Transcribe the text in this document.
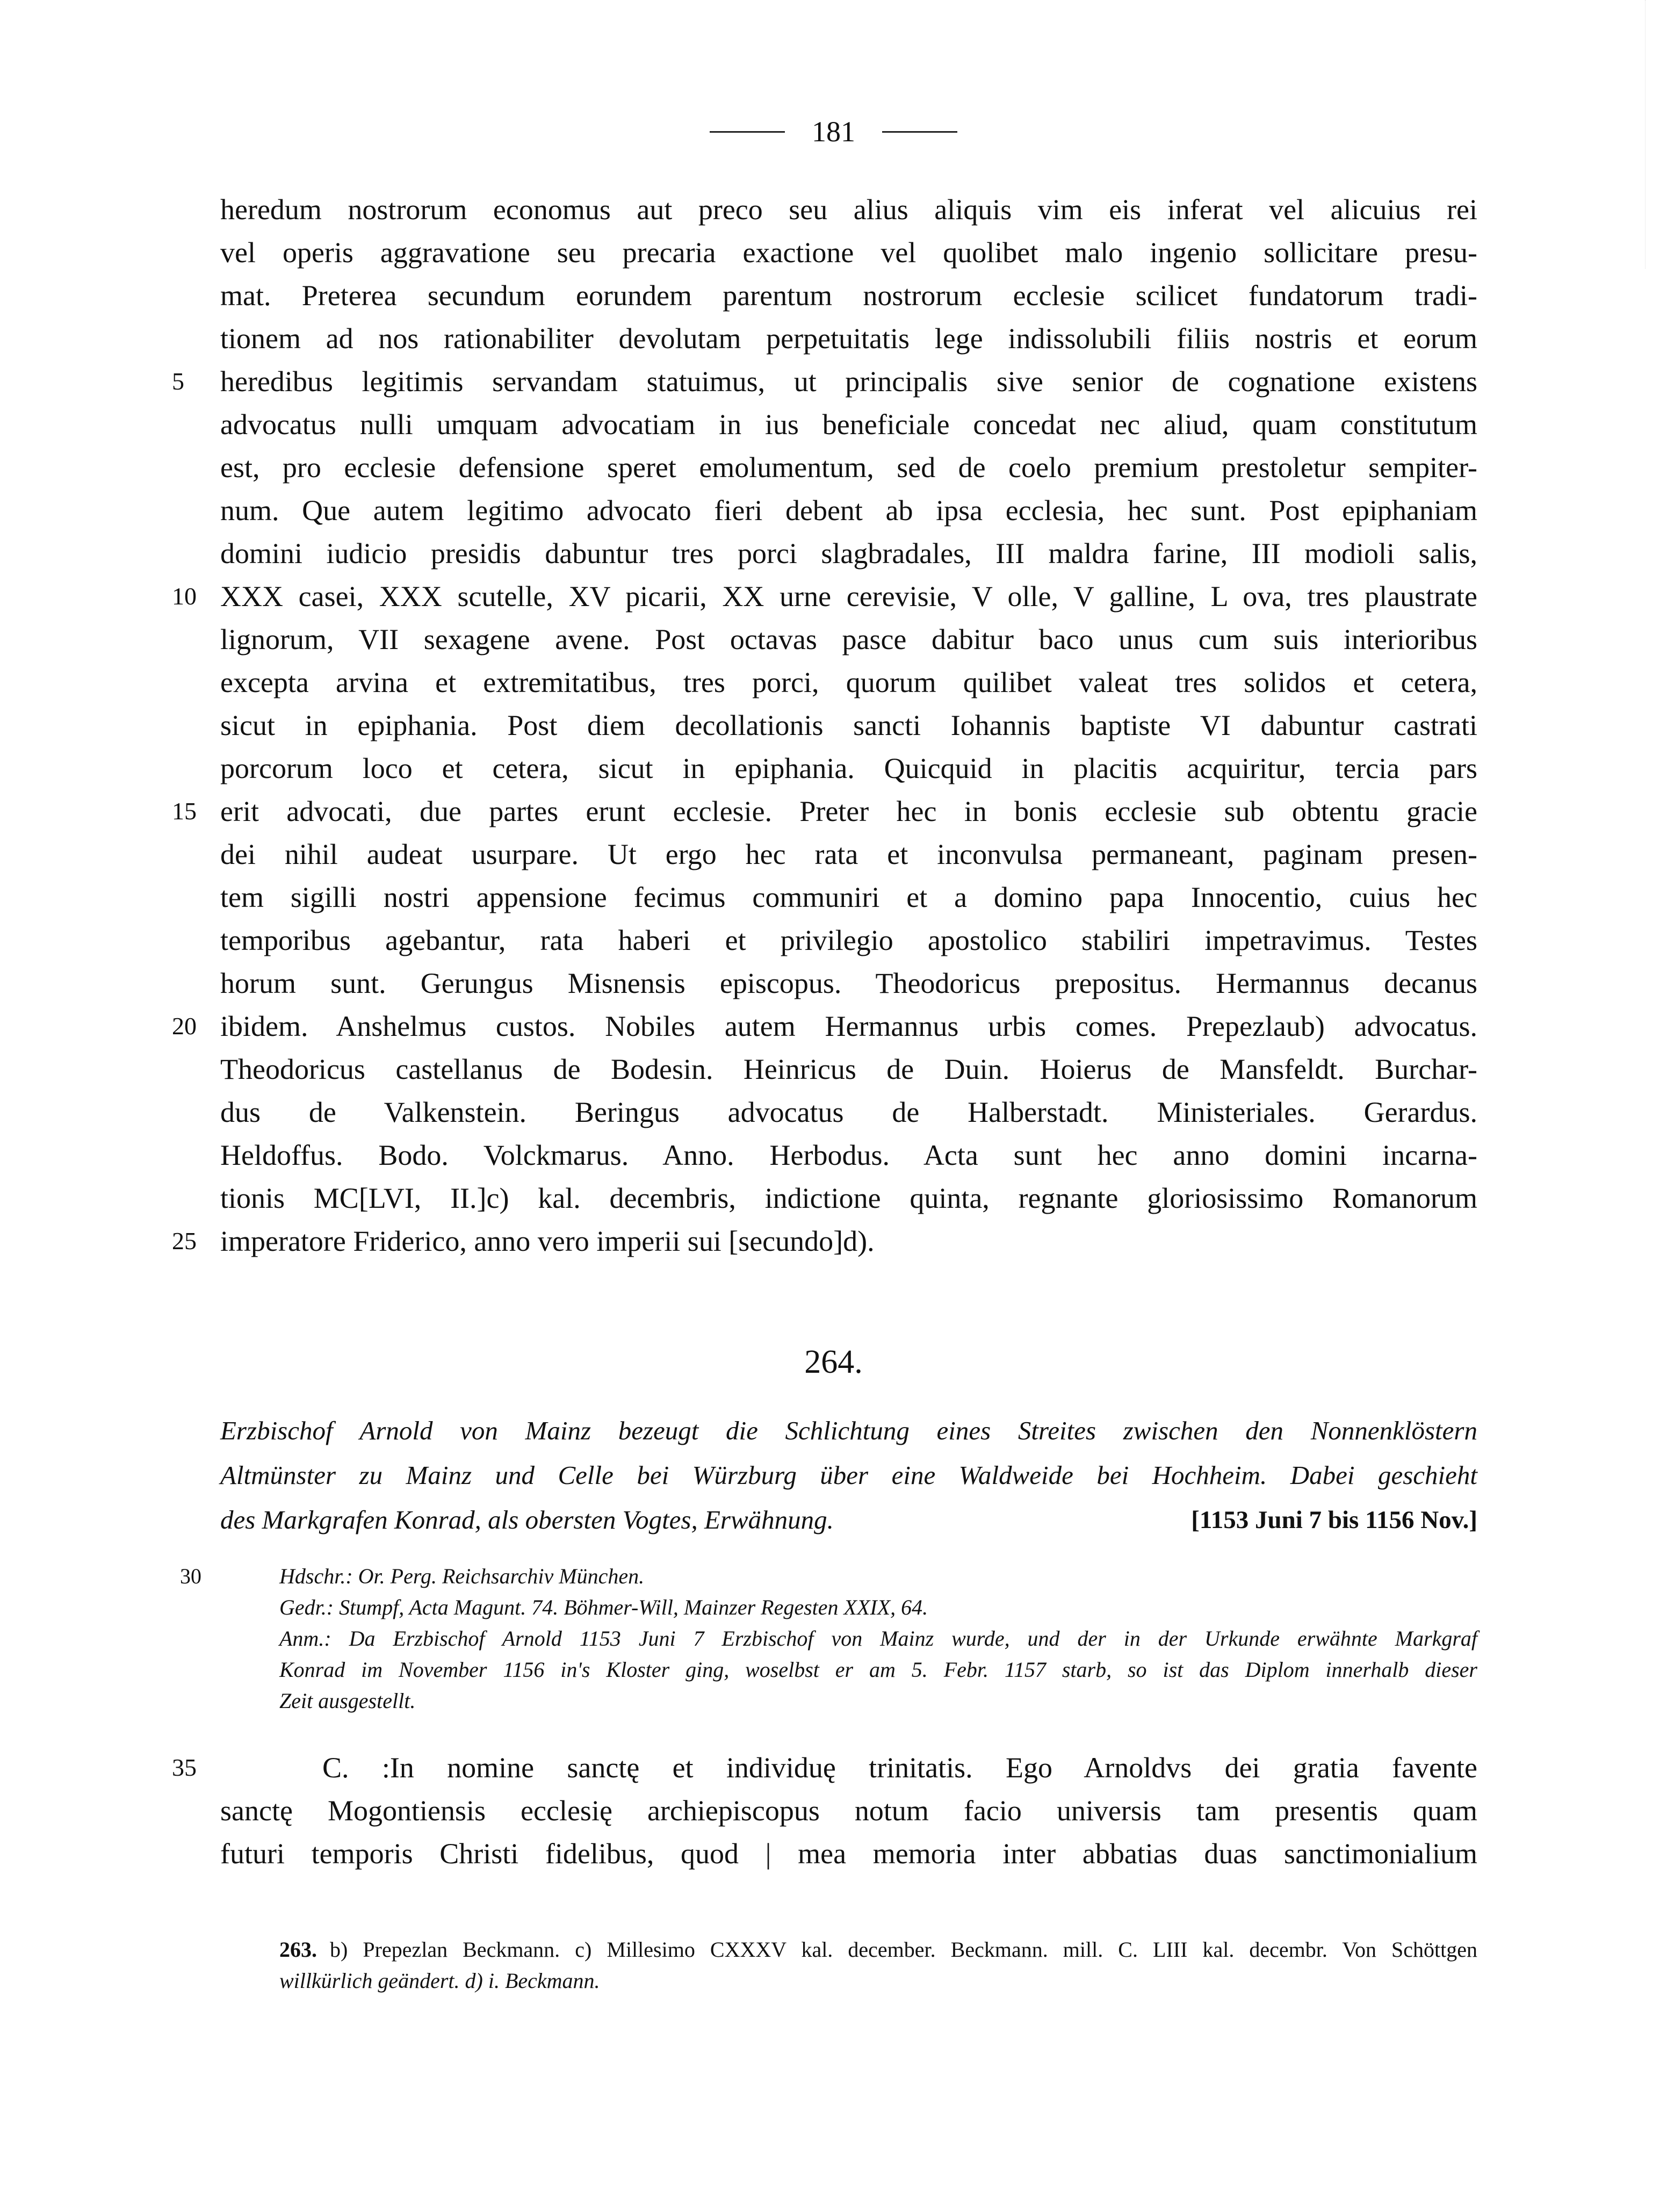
181
heredum nostrorum economus aut preco seu alius aliquis vim eis inferat vel alicuius rei
vel operis aggravatione seu precaria exactione vel quolibet malo ingenio sollicitare presu-
mat. Preterea secundum eorundem parentum nostrorum ecclesie scilicet fundatorum tradi-
tionem ad nos rationabiliter devolutam perpetuitatis lege indissolubili filiis nostris et eorum
heredibus legitimis servandam statuimus, ut principalis sive senior de cognatione existens
advocatus nulli umquam advocatiam in ius beneficiale concedat nec aliud, quam constitutum
est, pro ecclesie defensione speret emolumentum, sed de coelo premium prestoletur sempiter-
num. Que autem legitimo advocato fieri debent ab ipsa ecclesia, hec sunt. Post epiphaniam
domini iudicio presidis dabuntur tres porci slagbradales, III maldra farine, III modioli salis,
XXX casei, XXX scutelle, XV picarii, XX urne cerevisie, V olle, V galline, L ova, tres plaustrate
lignorum, VII sexagene avene. Post octavas pasce dabitur baco unus cum suis interioribus
excepta arvina et extremitatibus, tres porci, quorum quilibet valeat tres solidos et cetera,
sicut in epiphania. Post diem decollationis sancti Iohannis baptiste VI dabuntur castrati
porcorum loco et cetera, sicut in epiphania. Quicquid in placitis acquiritur, tercia pars
erit advocati, due partes erunt ecclesie. Preter hec in bonis ecclesie sub obtentu gracie
dei nihil audeat usurpare. Ut ergo hec rata et inconvulsa permaneant, paginam presen-
tem sigilli nostri appensione fecimus communiri et a domino papa Innocentio, cuius hec
temporibus agebantur, rata haberi et privilegio apostolico stabiliri impetravimus. Testes
horum sunt. Gerungus Misnensis episcopus. Theodoricus prepositus. Hermannus decanus
ibidem. Anshelmus custos. Nobiles autem Hermannus urbis comes. Prepezlaub) advocatus.
Theodoricus castellanus de Bodesin. Heinricus de Duin. Hoierus de Mansfeldt. Burchar-
dus de Valkenstein. Beringus advocatus de Halberstadt. Ministeriales. Gerardus.
Heldoffus. Bodo. Volckmarus. Anno. Herbodus. Acta sunt hec anno domini incarna-
tionis MC[LVI, II.]c) kal. decembris, indictione quinta, regnante gloriosissimo Romanorum
imperatore Friderico, anno vero imperii sui [secundo]d).
5
10
15
20
25
264.
Erzbischof Arnold von Mainz bezeugt die Schlichtung eines Streites zwischen den Nonnenklöstern
Altmünster zu Mainz und Celle bei Würzburg über eine Waldweide bei Hochheim. Dabei geschieht
des Markgrafen Konrad, als obersten Vogtes, Erwähnung.	[1153 Juni 7 bis 1156 Nov.]
30	Hdschr.: Or. Perg. Reichsarchiv München.
Gedr.: Stumpf, Acta Magunt. 74. Böhmer-Will, Mainzer Regesten XXIX, 64.
Anm.: Da Erzbischof Arnold 1153 Juni 7 Erzbischof von Mainz wurde, und der in der Urkunde erwähnte Markgraf
Konrad im November 1156 in's Kloster ging, woselbst er am 5. Febr. 1157 starb, so ist das Diplom innerhalb dieser
Zeit ausgestellt.
35	C. :In nomine sanctę et individuę trinitatis. Ego Arnoldvs dei gratia favente
sanctę Mogontiensis ecclesię archiepiscopus notum facio universis tam presentis quam
futuri temporis Christi fidelibus, quod | mea memoria inter abbatias duas sanctimonialium
263. b) Prepezlan Beckmann. c) Millesimo CXXXV kal. december. Beckmann. mill. C. LIII kal. decembr. Von Schöttgen
willkürlich geändert. d) i. Beckmann.
